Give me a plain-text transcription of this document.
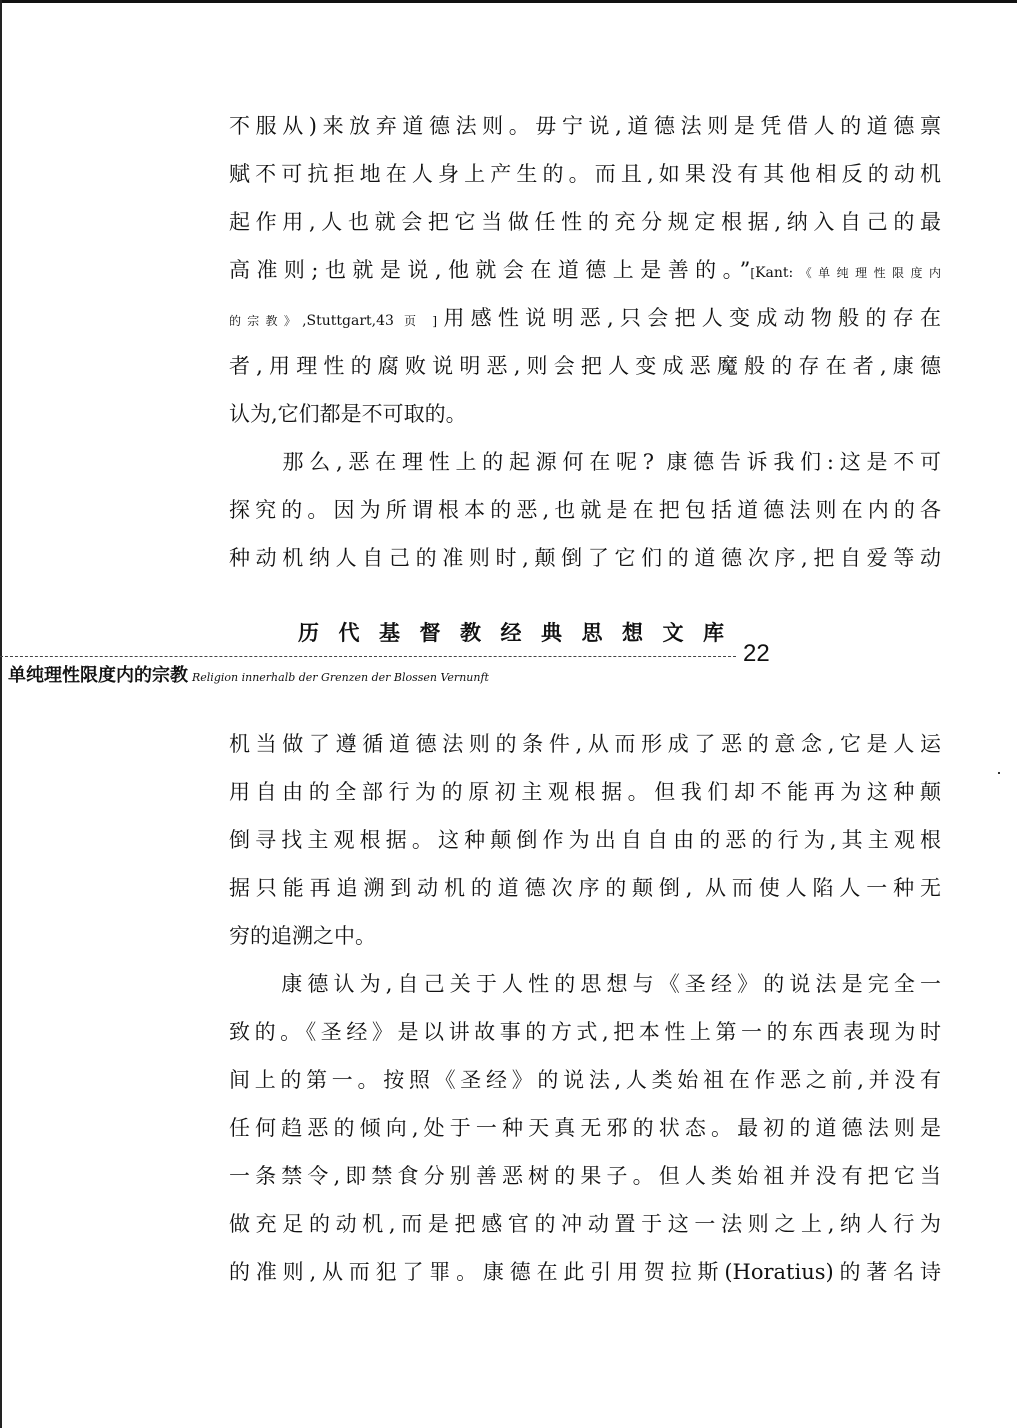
不服从)来放弃道德法则。毋宁说,道德法则是凭借人的道德禀
赋不可抗拒地在人身上产生的。而且,如果没有其他相反的动机
起作用,人也就会把它当做任性的充分规定根据,纳入自己的最
高准则;也就是说,他就会在道德上是善的。”[Kant:《单纯理性限度内
的宗教》,Stuttgart,43 页 ]用感性说明恶,只会把人变成动物般的存在
者,用理性的腐败说明恶,则会把人变成恶魔般的存在者,康德
认为,它们都是不可取的。
　　那么,恶在理性上的起源何在呢? 康德告诉我们:这是不可
探究的。因为所谓根本的恶,也就是在把包括道德法则在内的各
种动机纳人自己的准则时,颠倒了它们的道德次序,把自爱等动
历代基督教经典思想文库
单纯理性限度内的宗教 Religion innerhalb der Grenzen der Blossen Vernunft
22
机当做了遵循道德法则的条件,从而形成了恶的意念,它是人运
用自由的全部行为的原初主观根据。但我们却不能再为这种颠
倒寻找主观根据。这种颠倒作为出自自由的恶的行为,其主观根
据只能再追溯到动机的道德次序的颠倒, 从而使人陷人一种无
穷的追溯之中。
　　康德认为,自己关于人性的思想与《圣经》的说法是完全一
致的。《圣经》是以讲故事的方式,把本性上第一的东西表现为时
间上的第一。按照《圣经》的说法,人类始祖在作恶之前,并没有
任何趋恶的倾向,处于一种天真无邪的状态。最初的道德法则是
一条禁令,即禁食分别善恶树的果子。但人类始祖并没有把它当
做充足的动机,而是把感官的冲动置于这一法则之上,纳人行为
的准则,从而犯了罪。康德在此引用贺拉斯(Horatius)的著名诗
